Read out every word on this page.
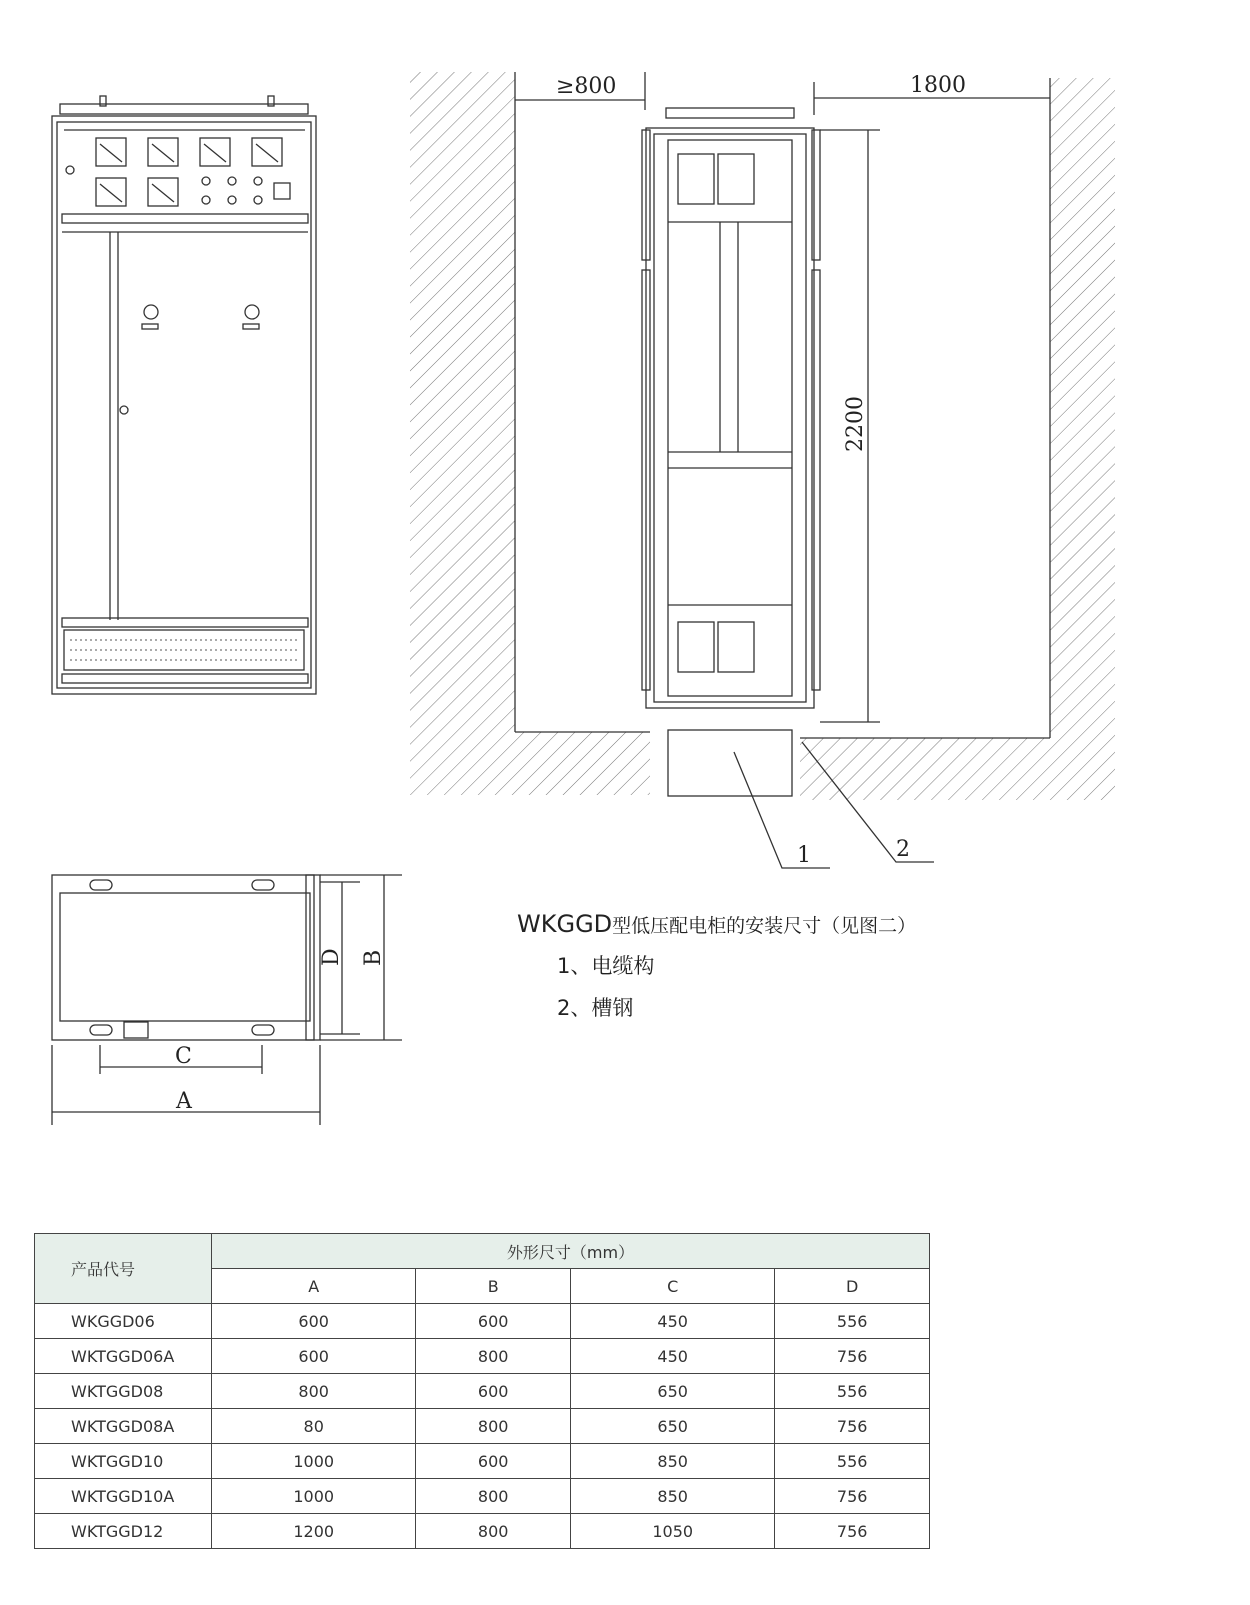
≥800	1800
2200
1	2
C
A
D B
WKGGD型低压配电柜的安装尺寸（见图二）
1、电缆构
2、槽钢
产品代号	外形尺寸（mm）			
	A	B	C	D
WKGGD06	600	600	450	556
WKTGGD06A	600	800	450	756
WKTGGD08	800	600	650	556
WKTGGD08A	80	800	650	756
WKTGGD10	1000	600	850	556
WKTGGD10A	1000	800	850	756
WKTGGD12	1200	800	1050	756
